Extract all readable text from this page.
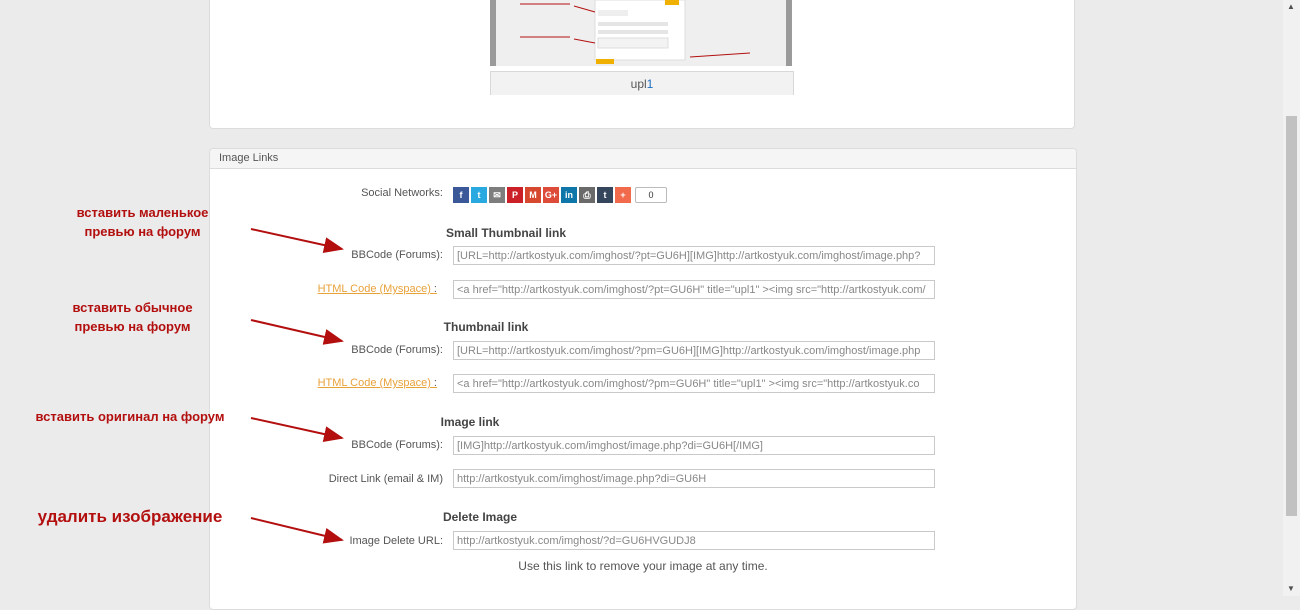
upl1
Image Links
Social Networks:	f	t	✉	P	M G+ in	⎙	t	+	0
Small Thumbnail link
BBCode (Forums):
[URL=http://artkostyuk.com/imghost/?pt=GU6H][IMG]http://artkostyuk.com/imghost/image.php?
HTML Code (Myspace) :
<a href="http://artkostyuk.com/imghost/?pt=GU6H" title="upl1" ><img src="http://artkostyuk.com/
Thumbnail link
BBCode (Forums):
[URL=http://artkostyuk.com/imghost/?pm=GU6H][IMG]http://artkostyuk.com/imghost/image.php
HTML Code (Myspace) :
<a href="http://artkostyuk.com/imghost/?pm=GU6H" title="upl1" ><img src="http://artkostyuk.co
Image link
BBCode (Forums):
[IMG]http://artkostyuk.com/imghost/image.php?di=GU6H[/IMG]
Direct Link (email & IM)
http://artkostyuk.com/imghost/image.php?di=GU6H
Delete Image
Image Delete URL:
http://artkostyuk.com/imghost/?d=GU6HVGUDJ8
Use this link to remove your image at any time.
вставить маленькое
превью на форум
вставить обычное
превью на форум
вставить оригинал на форум
удалить изображение
▲
▼
